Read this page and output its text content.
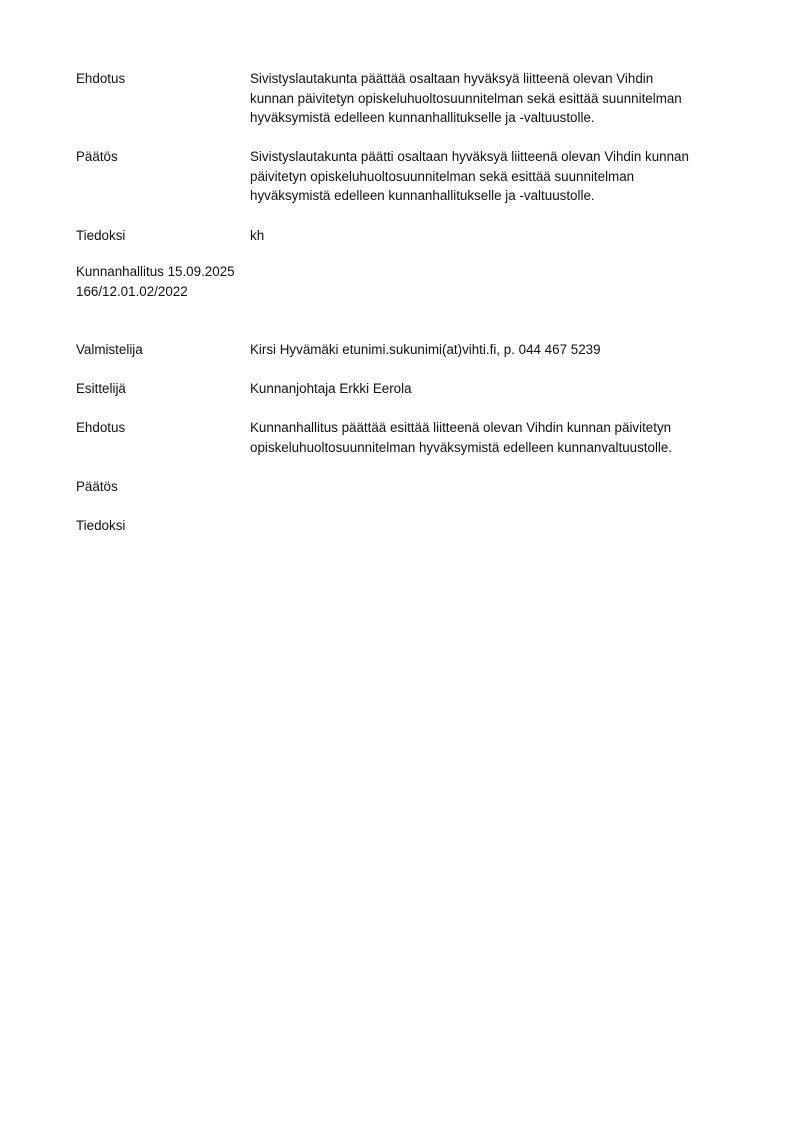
Ehdotus	Sivistyslautakunta päättää osaltaan hyväksyä liitteenä olevan Vihdin
kunnan päivitetyn opiskeluhuoltosuunnitelman sekä esittää suunnitelman
hyväksymistä edelleen kunnanhallitukselle ja -valtuustolle.
Päätös	Sivistyslautakunta päätti osaltaan hyväksyä liitteenä olevan Vihdin kunnan
päivitetyn opiskeluhuoltosuunnitelman sekä esittää suunnitelman
hyväksymistä edelleen kunnanhallitukselle ja -valtuustolle.
Tiedoksi	kh
Kunnanhallitus 15.09.2025
166/12.01.02/2022
Valmistelija	Kirsi Hyvämäki etunimi.sukunimi(at)vihti.fi, p. 044 467 5239
Esittelijä	Kunnanjohtaja Erkki Eerola
Ehdotus	Kunnanhallitus päättää esittää liitteenä olevan Vihdin kunnan päivitetyn
opiskeluhuoltosuunnitelman hyväksymistä edelleen kunnanvaltuustolle.
Päätös
Tiedoksi
